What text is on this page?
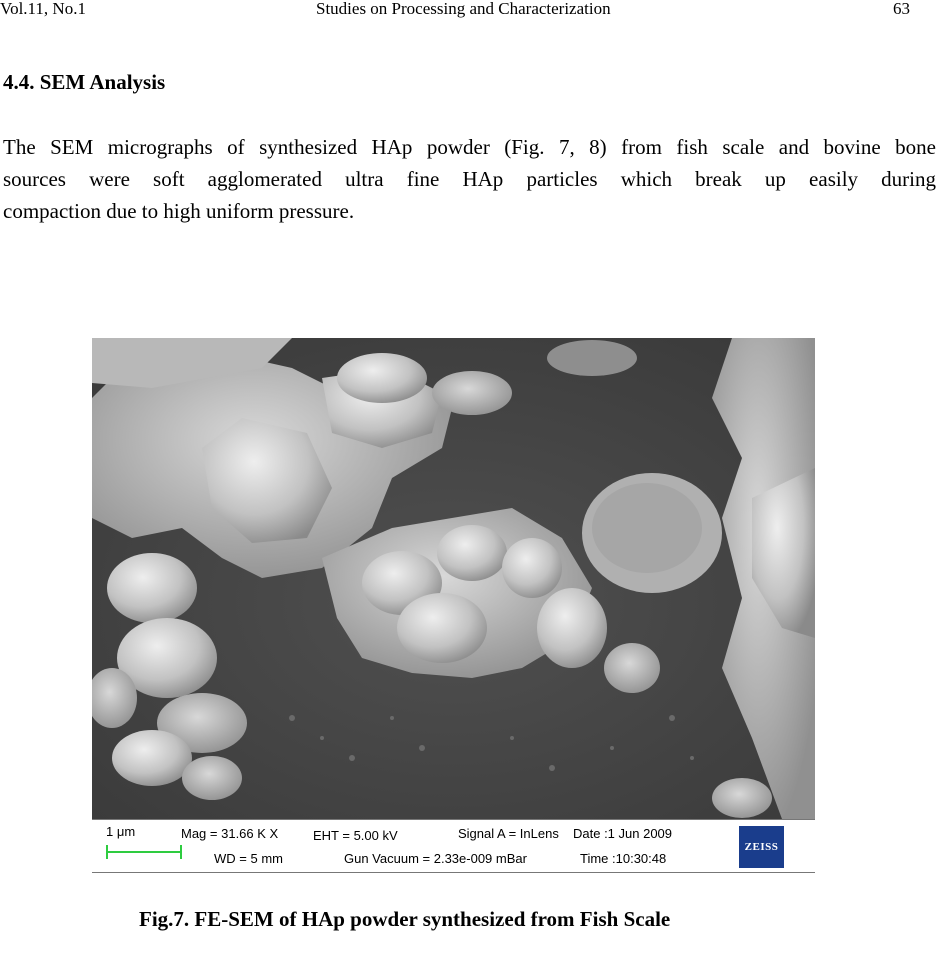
Vol.11, No.1	Studies on Processing and Characterization	63
4.4. SEM Analysis
The SEM micrographs of synthesized HAp powder (Fig. 7, 8) from fish scale and bovine bone
sources were soft agglomerated ultra fine HAp particles which break up easily during
compaction due to high uniform pressure.
1 μm	Mag = 31.66 K X
WD = 5 mm
EHT = 5.00 kV	Signal A = InLens
Gun Vacuum = 2.33e-009 mBar
Date :1 Jun 2009
Time :10:30:48
ZEISS
Fig.7. FE-SEM of HAp powder synthesized from Fish Scale
